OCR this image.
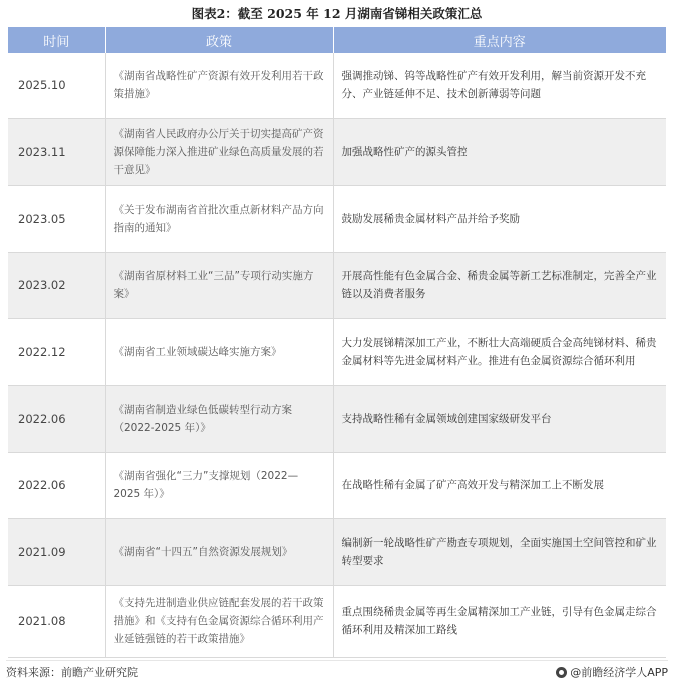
图表2：截至 2025 年 12 月湖南省锑相关政策汇总
时间	政策	重点内容
2025.10	《湖南省战略性矿产资源有效开发利用若干政策措施》	强调推动锑、钨等战略性矿产有效开发利用，解当前资源开发不充分、产业链延伸不足、技术创新薄弱等问题
2023.11	《湖南省人民政府办公厅关于切实提高矿产资源保障能力深入推进矿业绿色高质量发展的若干意见》	加强战略性矿产的源头管控
2023.05	《关于发布湖南省首批次重点新材料产品方向指南的通知》	鼓励发展稀贵金属材料产品并给予奖励
2023.02	《湖南省原材料工业“三品”专项行动实施方案》	开展高性能有色金属合金、稀贵金属等新工艺标准制定，完善全产业链以及消费者服务
2022.12	《湖南省工业领域碳达峰实施方案》	大力发展锑精深加工产业，不断壮大高端硬质合金高纯锑材料、稀贵金属材料等先进金属材料产业。推进有色金属资源综合循环利用
2022.06	《湖南省制造业绿色低碳转型行动方案（2022-2025 年）》	支持战略性稀有金属领域创建国家级研发平台
2022.06	《湖南省强化“三力”支撑规划（2022—2025 年）》	在战略性稀有金属了矿产高效开发与精深加工上不断发展
2021.09	《湖南省“十四五”自然资源发展规划》	编制新一轮战略性矿产勘查专项规划，全面实施国土空间管控和矿业转型要求
2021.08	《支持先进制造业供应链配套发展的若干政策措施》和《支持有色金属资源综合循环利用产业延链强链的若干政策措施》	重点围绕稀贵金属等再生金属精深加工产业链，引导有色金属走综合循环利用及精深加工路线
资料来源：前瞻产业研究院	@前瞻经济学人APP
